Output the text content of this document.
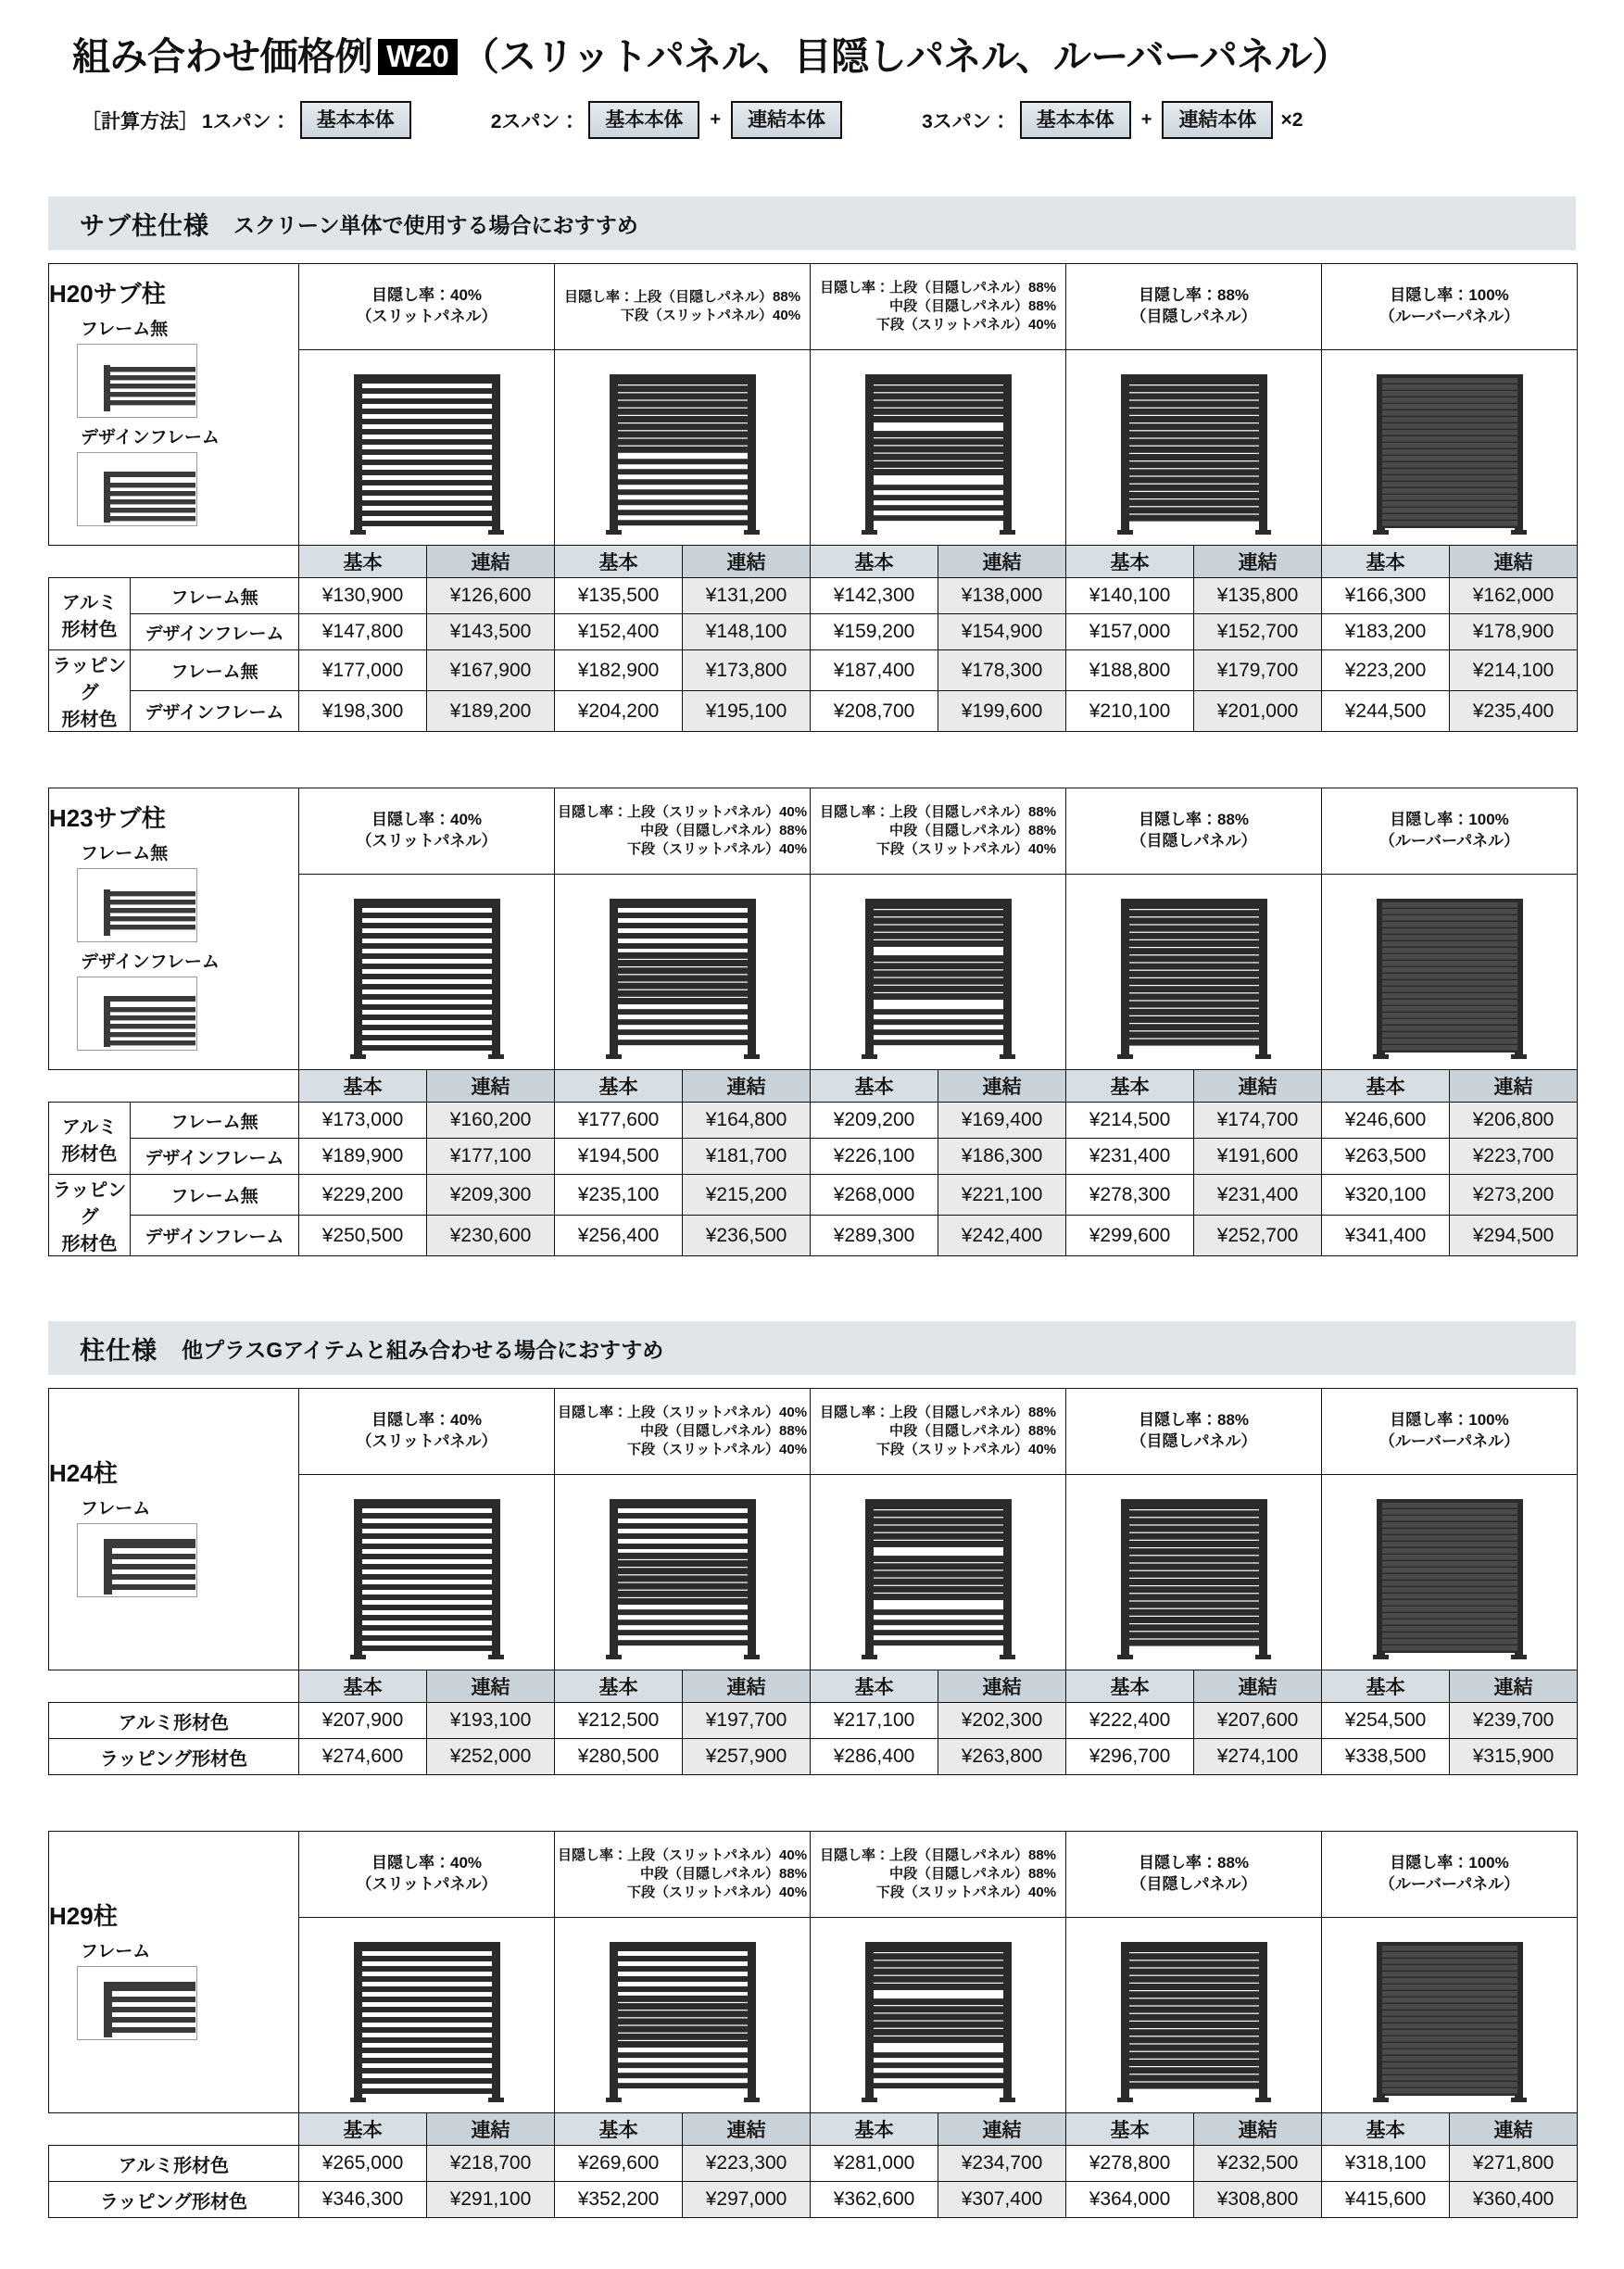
組み合わせ価格例 W20 （スリットパネル、目隠しパネル、ルーバーパネル）
［計算方法］ 1スパン：	基本本体	2スパン：	基本本体	+	連結本体	3スパン：	基本本体	+	連結本体	×2
サブ柱仕様 スクリーン単体で使用する場合におすすめ
H20サブ柱
フレーム無
デザインフレーム
	目隠し率：40%
（スリットパネル）	目隠し率：上段（目隠しパネル）88%
下段（スリットパネル）40%	目隠し率：上段（目隠しパネル）88%
中段（目隠しパネル）88%
下段（スリットパネル）40%	目隠し率：88%
（目隠しパネル）	目隠し率：100%
（ルーバーパネル）

		基本	連結	基本	連結	基本	連結	基本	連結	基本	連結
アルミ
形材色	フレーム無	¥130,900	¥126,600	¥135,500	¥131,200	¥142,300	¥138,000	¥140,100	¥135,800	¥166,300	¥162,000
	デザインフレーム	¥147,800	¥143,500	¥152,400	¥148,100	¥159,200	¥154,900	¥157,000	¥152,700	¥183,200	¥178,900
ラッピング
形材色	フレーム無	¥177,000	¥167,900	¥182,900	¥173,800	¥187,400	¥178,300	¥188,800	¥179,700	¥223,200	¥214,100
	デザインフレーム	¥198,300	¥189,200	¥204,200	¥195,100	¥208,700	¥199,600	¥210,100	¥201,000	¥244,500	¥235,400
H23サブ柱
フレーム無
デザインフレーム
	目隠し率：40%
（スリットパネル）	目隠し率：上段（スリットパネル）40%
中段（目隠しパネル）88%
下段（スリットパネル）40%	目隠し率：上段（目隠しパネル）88%
中段（目隠しパネル）88%
下段（スリットパネル）40%	目隠し率：88%
（目隠しパネル）	目隠し率：100%
（ルーバーパネル）

		基本	連結	基本	連結	基本	連結	基本	連結	基本	連結
アルミ
形材色	フレーム無	¥173,000	¥160,200	¥177,600	¥164,800	¥209,200	¥169,400	¥214,500	¥174,700	¥246,600	¥206,800
	デザインフレーム	¥189,900	¥177,100	¥194,500	¥181,700	¥226,100	¥186,300	¥231,400	¥191,600	¥263,500	¥223,700
ラッピング
形材色	フレーム無	¥229,200	¥209,300	¥235,100	¥215,200	¥268,000	¥221,100	¥278,300	¥231,400	¥320,100	¥273,200
	デザインフレーム	¥250,500	¥230,600	¥256,400	¥236,500	¥289,300	¥242,400	¥299,600	¥252,700	¥341,400	¥294,500
柱仕様 他プラスGアイテムと組み合わせる場合におすすめ
H24柱
フレーム
	目隠し率：40%
（スリットパネル）	目隠し率：上段（スリットパネル）40%
中段（目隠しパネル）88%
下段（スリットパネル）40%	目隠し率：上段（目隠しパネル）88%
中段（目隠しパネル）88%
下段（スリットパネル）40%	目隠し率：88%
（目隠しパネル）	目隠し率：100%
（ルーバーパネル）

	基本	連結	基本	連結	基本	連結	基本	連結	基本	連結
アルミ形材色	¥207,900	¥193,100	¥212,500	¥197,700	¥217,100	¥202,300	¥222,400	¥207,600	¥254,500	¥239,700
ラッピング形材色	¥274,600	¥252,000	¥280,500	¥257,900	¥286,400	¥263,800	¥296,700	¥274,100	¥338,500	¥315,900
H29柱
フレーム
	目隠し率：40%
（スリットパネル）	目隠し率：上段（スリットパネル）40%
中段（目隠しパネル）88%
下段（スリットパネル）40%	目隠し率：上段（目隠しパネル）88%
中段（目隠しパネル）88%
下段（スリットパネル）40%	目隠し率：88%
（目隠しパネル）	目隠し率：100%
（ルーバーパネル）

	基本	連結	基本	連結	基本	連結	基本	連結	基本	連結
アルミ形材色	¥265,000	¥218,700	¥269,600	¥223,300	¥281,000	¥234,700	¥278,800	¥232,500	¥318,100	¥271,800
ラッピング形材色	¥346,300	¥291,100	¥352,200	¥297,000	¥362,600	¥307,400	¥364,000	¥308,800	¥415,600	¥360,400
